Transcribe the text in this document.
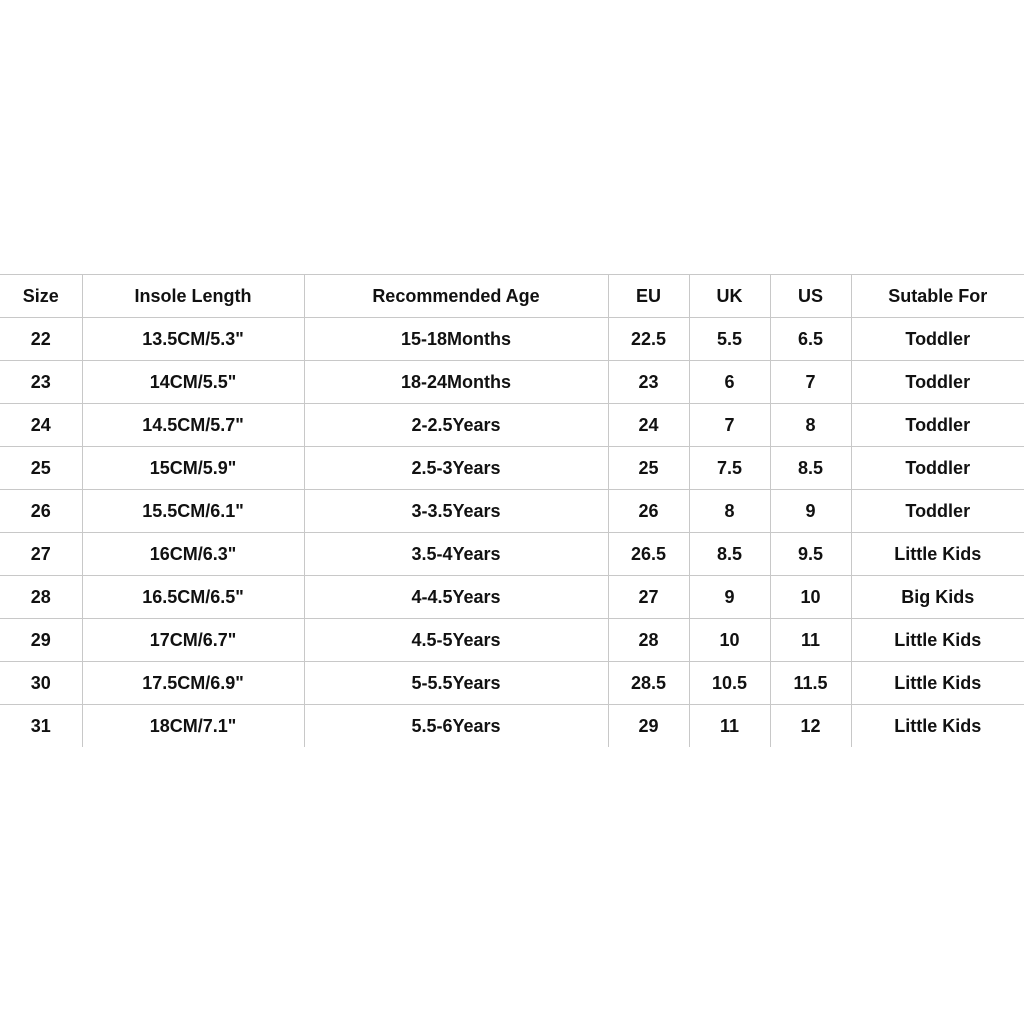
Size	Insole Length	Recommended Age	EU	UK	US	Sutable For
22	13.5CM/5.3"	15-18Months	22.5	5.5	6.5	Toddler
23	14CM/5.5"	18-24Months	23	6	7	Toddler
24	14.5CM/5.7"	2-2.5Years	24	7	8	Toddler
25	15CM/5.9"	2.5-3Years	25	7.5	8.5	Toddler
26	15.5CM/6.1"	3-3.5Years	26	8	9	Toddler
27	16CM/6.3"	3.5-4Years	26.5	8.5	9.5	Little Kids
28	16.5CM/6.5"	4-4.5Years	27	9	10	Big Kids
29	17CM/6.7"	4.5-5Years	28	10	11	Little Kids
30	17.5CM/6.9"	5-5.5Years	28.5	10.5	11.5	Little Kids
31	18CM/7.1"	5.5-6Years	29	11	12	Little Kids
